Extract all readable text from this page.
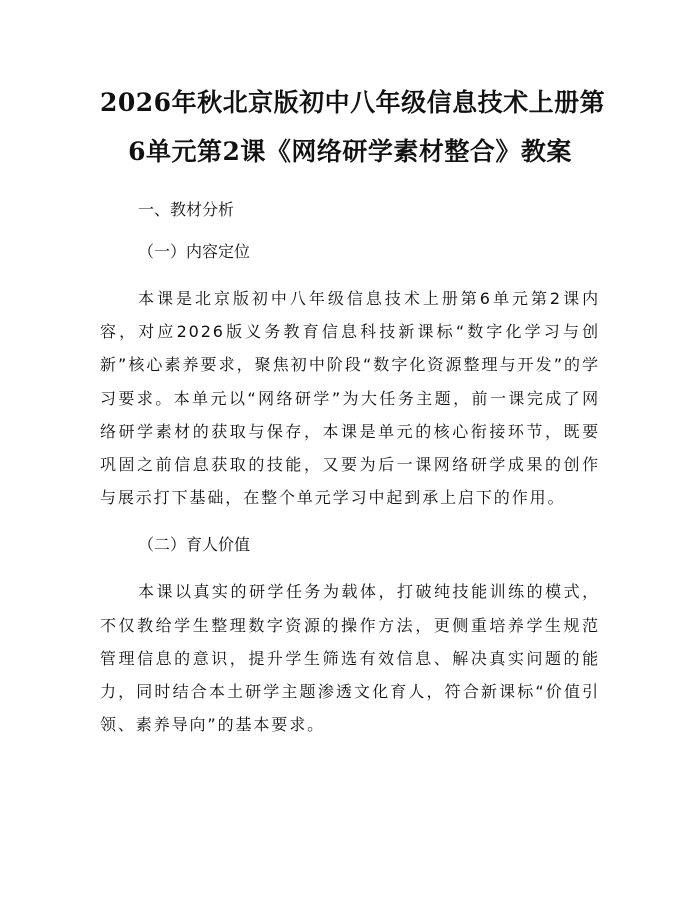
2026年秋北京版初中八年级信息技术上册第
6单元第2课《网络研学素材整合》教案
一、教材分析
（一）内容定位

本课是北京版初中八年级信息技术上册第6单元第2课内容，对应2026版义务教育信息科技新课标“数字化学习与创新”核心素养要求，聚焦初中阶段“数字化资源整理与开发”的学习要求。本单元以“网络研学”为大任务主题，前一课完成了网络研学素材的获取与保存，本课是单元的核心衔接环节，既要巩固之前信息获取的技能，又要为后一课网络研学成果的创作与展示打下基础，在整个单元学习中起到承上启下的作用。

（二）育人价值

本课以真实的研学任务为载体，打破纯技能训练的模式，不仅教给学生整理数字资源的操作方法，更侧重培养学生规范管理信息的意识，提升学生筛选有效信息、解决真实问题的能力，同时结合本土研学主题渗透文化育人，符合新课标“价值引领、素养导向”的基本要求。
